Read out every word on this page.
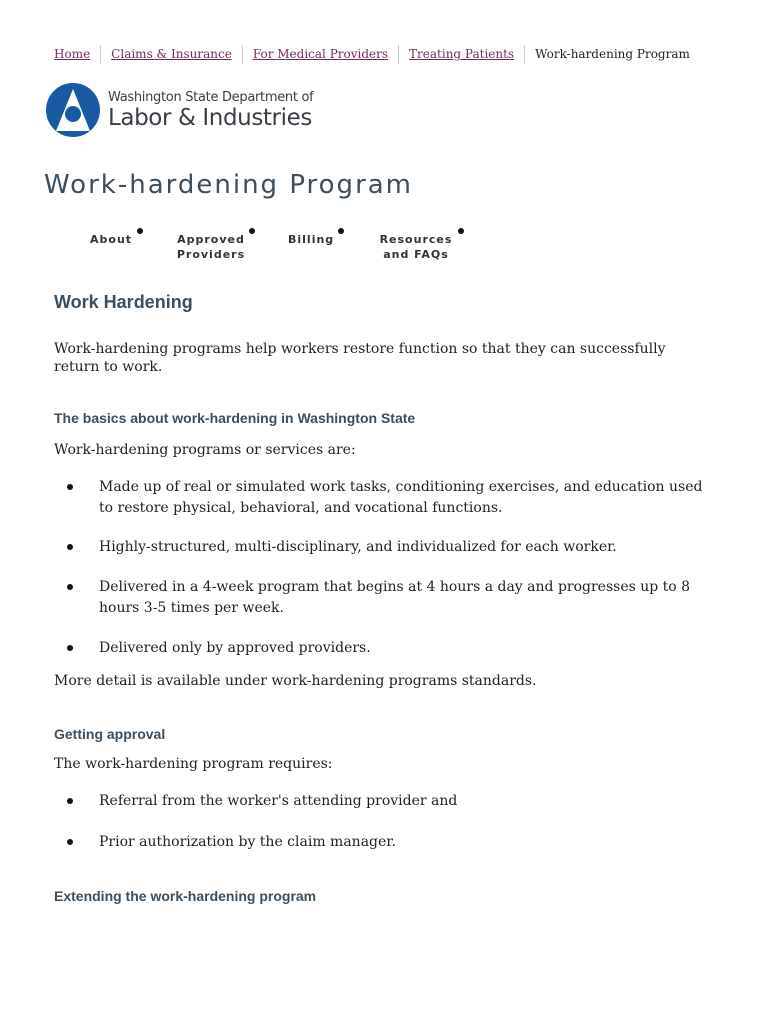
Home Claims & Insurance For Medical Providers Treating Patients Work-hardening Program
Washington State Department of
Labor & Industries
Work-hardening Program
About	Approved
Providers
Billing	Resources
and FAQs
Work Hardening

Work-hardening programs help workers restore function so that they can successfully return to work.

The basics about work-hardening in Washington State

Work-hardening programs or services are:

Made up of real or simulated work tasks, conditioning exercises, and education used to restore physical, behavioral, and vocational functions.
Highly-structured, multi-disciplinary, and individualized for each worker.
Delivered in a 4-week program that begins at 4 hours a day and progresses up to 8 hours 3-5 times per week.
Delivered only by approved providers.

More detail is available under work-hardening programs standards.

Getting approval

The work-hardening program requires:

Referral from the worker's attending provider and
Prior authorization by the claim manager.
Extending the work-hardening program
